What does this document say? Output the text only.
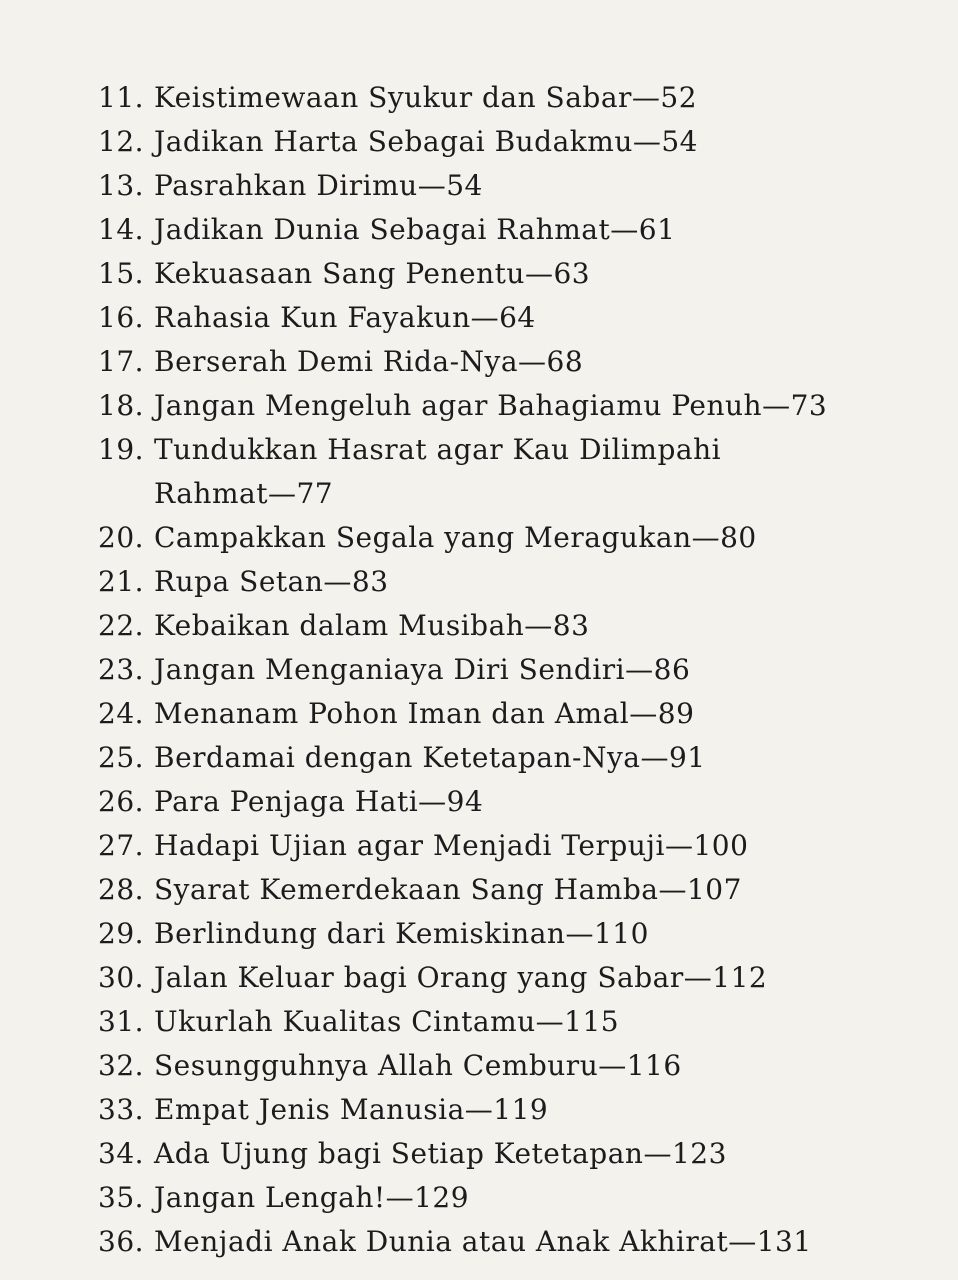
11. Keistimewaan Syukur dan Sabar—52
12. Jadikan Harta Sebagai Budakmu—54
13. Pasrahkan Dirimu—54
14. Jadikan Dunia Sebagai Rahmat—61
15. Kekuasaan Sang Penentu—63
16. Rahasia Kun Fayakun—64
17. Berserah Demi Rida-Nya—68
18. Jangan Mengeluh agar Bahagiamu Penuh—73
19. Tundukkan Hasrat agar Kau Dilimpahi
Rahmat—77
20. Campakkan Segala yang Meragukan—80
21. Rupa Setan—83
22. Kebaikan dalam Musibah—83
23. Jangan Menganiaya Diri Sendiri—86
24. Menanam Pohon Iman dan Amal—89
25. Berdamai dengan Ketetapan-Nya—91
26. Para Penjaga Hati—94
27. Hadapi Ujian agar Menjadi Terpuji—100
28. Syarat Kemerdekaan Sang Hamba—107
29. Berlindung dari Kemiskinan—110
30. Jalan Keluar bagi Orang yang Sabar—112
31. Ukurlah Kualitas Cintamu—115
32. Sesungguhnya Allah Cemburu—116
33. Empat Jenis Manusia—119
34. Ada Ujung bagi Setiap Ketetapan—123
35. Jangan Lengah!—129
36. Menjadi Anak Dunia atau Anak Akhirat—131
